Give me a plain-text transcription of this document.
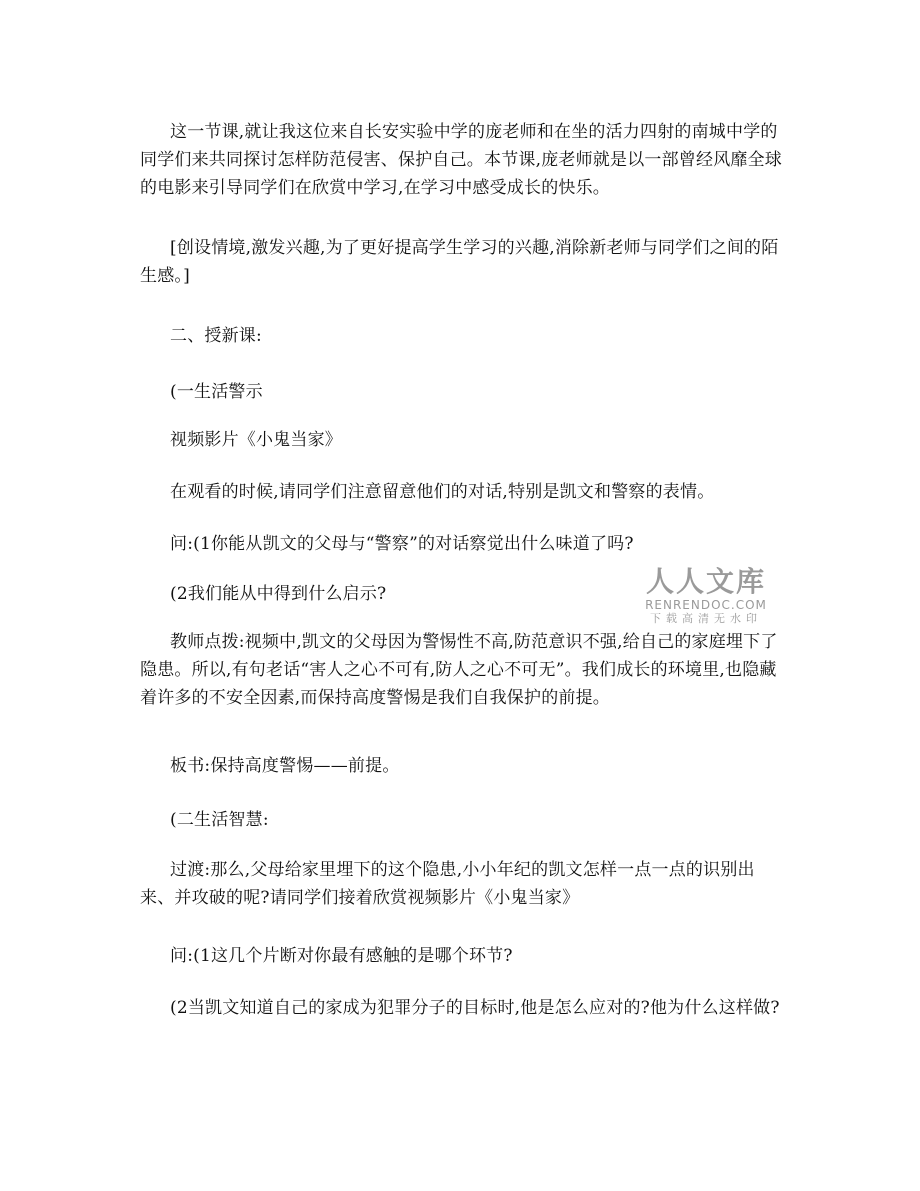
这一节课,就让我这位来自长安实验中学的庞老师和在坐的活力四射的南城中学的同学们来共同探讨怎样防范侵害、保护自己。本节课,庞老师就是以一部曾经风靡全球的电影来引导同学们在欣赏中学习,在学习中感受成长的快乐。

[创设情境,激发兴趣,为了更好提高学生学习的兴趣,消除新老师与同学们之间的陌生感。]

二、授新课:

(一生活警示

视频影片《小鬼当家》

在观看的时候,请同学们注意留意他们的对话,特别是凯文和警察的表情。

问:(1你能从凯文的父母与“警察”的对话察觉出什么味道了吗?

(2我们能从中得到什么启示?

教师点拨:视频中,凯文的父母因为警惕性不高,防范意识不强,给自己的家庭埋下了隐患。所以,有句老话“害人之心不可有,防人之心不可无”。我们成长的环境里,也隐藏着许多的不安全因素,而保持高度警惕是我们自我保护的前提。

板书:保持高度警惕——前提。

(二生活智慧:

过渡:那么,父母给家里埋下的这个隐患,小小年纪的凯文怎样一点一点的识别出来、并攻破的呢?请同学们接着欣赏视频影片《小鬼当家》

问:(1这几个片断对你最有感触的是哪个环节?

(2当凯文知道自己的家成为犯罪分子的目标时,他是怎么应对的?他为什么这样做?

人人文库
RENRENDOC.COM
下载高清无水印
